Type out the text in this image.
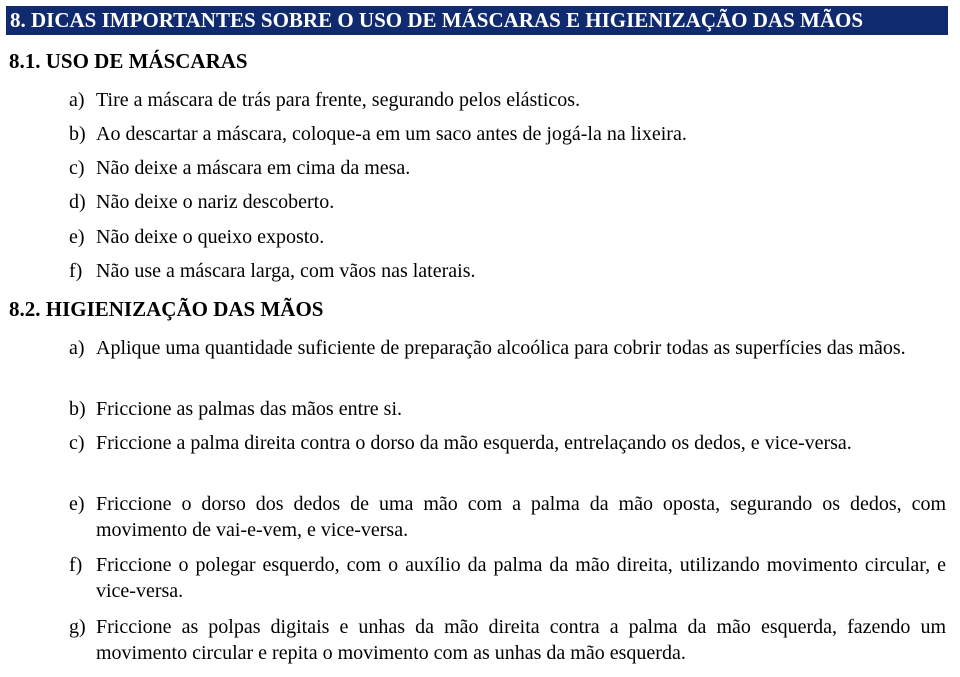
8. DICAS IMPORTANTES SOBRE O USO DE MÁSCARAS E HIGIENIZAÇÃO DAS MÃOS
8.1. USO DE MÁSCARAS
a) Tire a máscara de trás para frente, segurando pelos elásticos.
b) Ao descartar a máscara, coloque-a em um saco antes de jogá-la na lixeira.
c) Não deixe a máscara em cima da mesa.
d) Não deixe o nariz descoberto.
e) Não deixe o queixo exposto.
f) Não use a máscara larga, com vãos nas laterais.
8.2. HIGIENIZAÇÃO DAS MÃOS
a) Aplique uma quantidade suficiente de preparação alcoólica para cobrir todas as superfícies das mãos.
b) Friccione as palmas das mãos entre si.
c) Friccione a palma direita contra o dorso da mão esquerda, entrelaçando os dedos, e vice-versa.
e) Friccione o dorso dos dedos de uma mão com a palma da mão oposta, segurando os dedos, com movimento de vai-e-vem, e vice-versa.
f) Friccione o polegar esquerdo, com o auxílio da palma da mão direita, utilizando movimento circular, e vice-versa.
g) Friccione as polpas digitais e unhas da mão direita contra a palma da mão esquerda, fazendo um movimento circular e repita o movimento com as unhas da mão esquerda.
